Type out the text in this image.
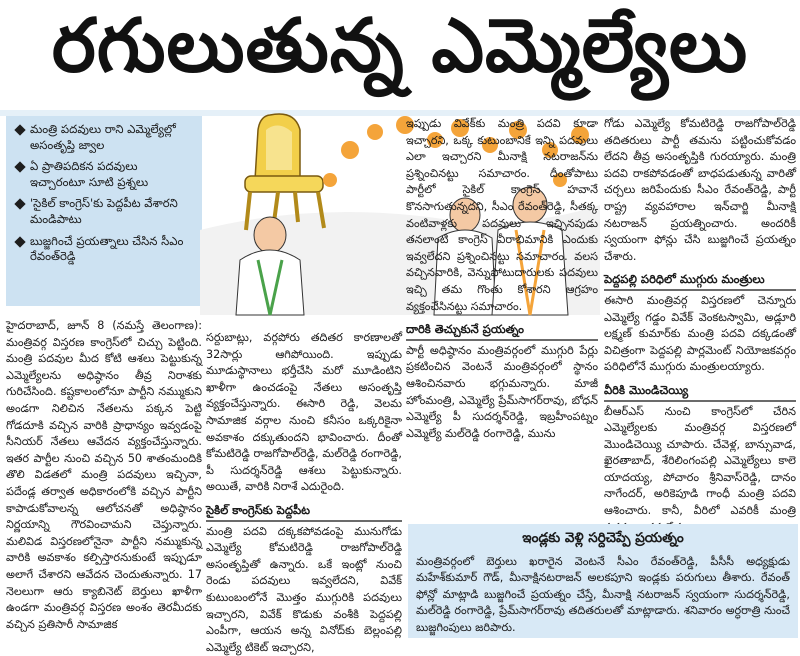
రగులుతున్న ఎమ్మెల్యేలు
మంత్రి పదవులు రాని ఎమ్మెల్యేల్లో అసంతృప్తి జ్వాల
ఏ ప్రాతిపదికన పదవులు ఇచ్చారంటూ సూటి ప్రశ్నలు
'సైకిల్ కాంగ్రెస్'కు పెద్దపీట వేశారని మండిపాటు
బుజ్జగించే ప్రయత్నాలు చేసిన సీఎం రేవంత్‌రెడ్డి

హైదరాబాద్, జూన్ 8 (నమస్తే తెలంగాణ): మంత్రివర్గ విస్తరణ కాంగ్రెస్‌లో చిచ్చు పెట్టింది. మంత్రి పదవుల మీద కోటి ఆశలు పెట్టుకున్న ఎమ్మెల్యేలను అధిష్ఠానం తీవ్ర నిరాశకు గురిచేసింది. కష్టకాలంలోనూ పార్టీని నమ్ముకుని అండగా నిలిచిన నేతలను పక్కన పెట్టి గోడదూకి వచ్చిన వారికి ప్రాధాన్యం ఇవ్వడంపై సీనియర్ నేతలు ఆవేదన వ్యక్తంచేస్తున్నారు. ఇతర పార్టీల నుంచి వచ్చిన 50 శాతంమందికి తొలి విడతలో మంత్రి పదవులు ఇచ్చినా, పదేండ్ల తర్వాత అధికారంలోకి వచ్చిన పార్టీని కాపాడుకోవాలన్న ఆలోచనతో అధిష్ఠానం నిర్ణయాన్ని గౌరవించామని చెప్తున్నారు. మలివిడ విస్తరణలోనైనా పార్టీని నమ్ముకున్న వారికి అవకాశం కల్పిస్తారనుకుంటే ఇప్పుడూ అలాగే చేశారని ఆవేదన చెందుతున్నారు. 17 నెలలుగా ఆరు క్యాబినెట్ బెర్తులు ఖాళీగా ఉండగా మంత్రివర్గ విస్తరణ అంశం తెరమీదకు వచ్చిన ప్రతిసారీ సామాజిక

సర్దుబాట్లు, వర్గపోరు తదితర కారణాలతో 32సార్లు ఆగిపోయింది. ఇప్పుడు మూడుస్థానాలు భర్తీచేసి మరో మూడింటిని ఖాళీగా ఉంచడంపై నేతలు అసంతృప్తి వ్యక్తంచేస్తున్నారు. ఈసారి రెడ్డి, వెలమ సామాజిక వర్గాల నుంచి కనీసం ఒక్కరికైనా అవకాశం దక్కుతుందని భావించారు. దీంతో కోమటిరెడ్డి రాజగోపాల్‌రెడ్డి, మల్‌రెడ్డి రంగారెడ్డి, పీ సుదర్శన్‌రెడ్డి ఆశలు పెట్టుకున్నారు. అయితే, వారికి నిరాశే ఎదురైంది.

సైకిల్ కాంగ్రెస్‌కు పెద్దపీట

మంత్రి పదవి దక్కకపోవడంపై మునుగోడు ఎమ్మెల్యే కోమటిరెడ్డి రాజగోపాల్‌రెడ్డి అసంతృప్తితో ఉన్నారు. ఒకే ఇంట్లో నుంచి రెండు పదవులు ఇవ్వలేదని, వివేక్ కుటుంబంలోనే మొత్తం ముగ్గురికి పదవులు ఇచ్చారని, వివేక్ కొడుకు వంశీకి పెద్దపల్లి ఎంపీగా, ఆయన అన్న వినోద్‌కు బెల్లంపల్లి ఎమ్మెల్యే టికెట్ ఇచ్చారని,

ఇప్పుడు వివేక్‌కు మంత్రి పదవి కూడా ఇచ్చారని, ఒక్క కుటుంబానికే ఇన్ని పదవులు ఎలా ఇచ్చారని మీనాక్షి నటరాజన్‌ను ప్రశ్నించినట్టు సమాచారం. దీంతోపాటు పార్టీలో సైకిల్ కాంగ్రెస్ హవానే కొనసాగుతున్నదని, సీఎం రేవంత్‌రెడ్డి, సీతక్క వంటివాళ్లకు పదవులు ఇచ్చినపుడు తనలాంటి కాంగ్రెస్ వీరాభిమానికి ఎందుకు ఇవ్వలేదని ప్రశ్నించినట్టు సమాచారం. వలస వచ్చినవారికి, వెన్నుపోటుదారులకు పదవులు ఇచ్చి తమ గొంతు కోశారని ఆగ్రహం వ్యక్తంచేసినట్టు సమాచారం.

దారికి తెచ్చుకునే ప్రయత్నం

పార్టీ అధిష్ఠానం మంత్రివర్గంలో ముగ్గురి పేర్లు ప్రకటించిన వెంటనే మంత్రివర్గంలో స్థానం ఆశించినవారు భగ్గుమన్నారు. మాజీ హోంమంత్రి, ఎమ్మెల్యే ప్రేమ్‌సాగర్‌రావు, బోధన్ ఎమ్మెల్యే పీ సుదర్శన్‌రెడ్డి, ఇబ్రహీంపట్నం ఎమ్మెల్యే మల్‌రెడ్డి రంగారెడ్డి, మును

గోడు ఎమ్మెల్యే కోమటిరెడ్డి రాజగోపాల్‌రెడ్డి తదితరులు పార్టీ తమను పట్టించుకోవడం లేదని తీవ్ర అసంతృప్తికి గురయ్యారు. మంత్రి పదవి రాకపోవడంతో బాధపడుతున్న వారితో చర్చలు జరిపేందుకు సీఎం రేవంత్‌రెడ్డి, పార్టీ రాష్ట్ర వ్యవహారాల ఇన్‌చార్జి మీనాక్షి నటరాజన్ ప్రయత్నించారు. అందరికీ స్వయంగా ఫోన్లు చేసి బుజ్జగించే ప్రయత్నం చేశారు.

పెద్దపల్లి పరిధిలో ముగ్గురు మంత్రులు

ఈసారి మంత్రివర్గ విస్తరణలో చెన్నూరు ఎమ్మెల్యే గడ్డం వివేక్ వెంకటస్వామి, అడ్లూరి లక్ష్మణ్ కుమార్‌కు మంత్రి పదవి దక్కడంతో విచిత్రంగా పెద్దపల్లి పార్లమెంట్ నియోజకవర్గం పరిధిలోనే ముగ్గురు మంత్రులయ్యారు.

వీరికి మొండిచెయ్యి

బీఆర్ఎస్ నుంచి కాంగ్రెస్‌లో చేరిన ఎమ్మెల్యేలకు మంత్రివర్గ విస్తరణలో మొండిచెయ్యి చూపారు. చేవెళ్ల, బాన్సువాడ, ఖైరతాబాద్, శేరిలింగంపల్లి ఎమ్మెల్యేలు కాలె యాదయ్య, పోచారం శ్రీనివాస్‌రెడ్డి, దానం నాగేందర్, అరికెపూడి గాంధీ మంత్రి పదవి ఆశించారు. కానీ, వీరిలో ఎవరికీ మంత్రి

ఇండ్లకు వెళ్లి సర్దిచెప్పే ప్రయత్నం
మంత్రివర్గంలో బెర్తులు ఖరారైన వెంటనే సీఎం రేవంత్‌రెడ్డి, పీసీసీ అధ్యక్షుడు మహేశ్‌కుమార్ గౌడ్, మీనాక్షినటరాజన్ అలకపూని ఇండ్లకు పరుగులు తీశారు. రేవంత్ ఫోన్లో మాట్లాడి బుజ్జగించే ప్రయత్నం చేస్తే, మీనాక్షి నటరాజన్ స్వయంగా సుదర్శన్‌రెడ్డి, మల్‌రెడ్డి రంగారెడ్డి, ప్రేమ్‌సాగర్‌రావు తదితరులతో మాట్లాడారు. శనివారం అర్ధరాత్రి నుంచే బుజ్జగింపులు జరిపారు.
